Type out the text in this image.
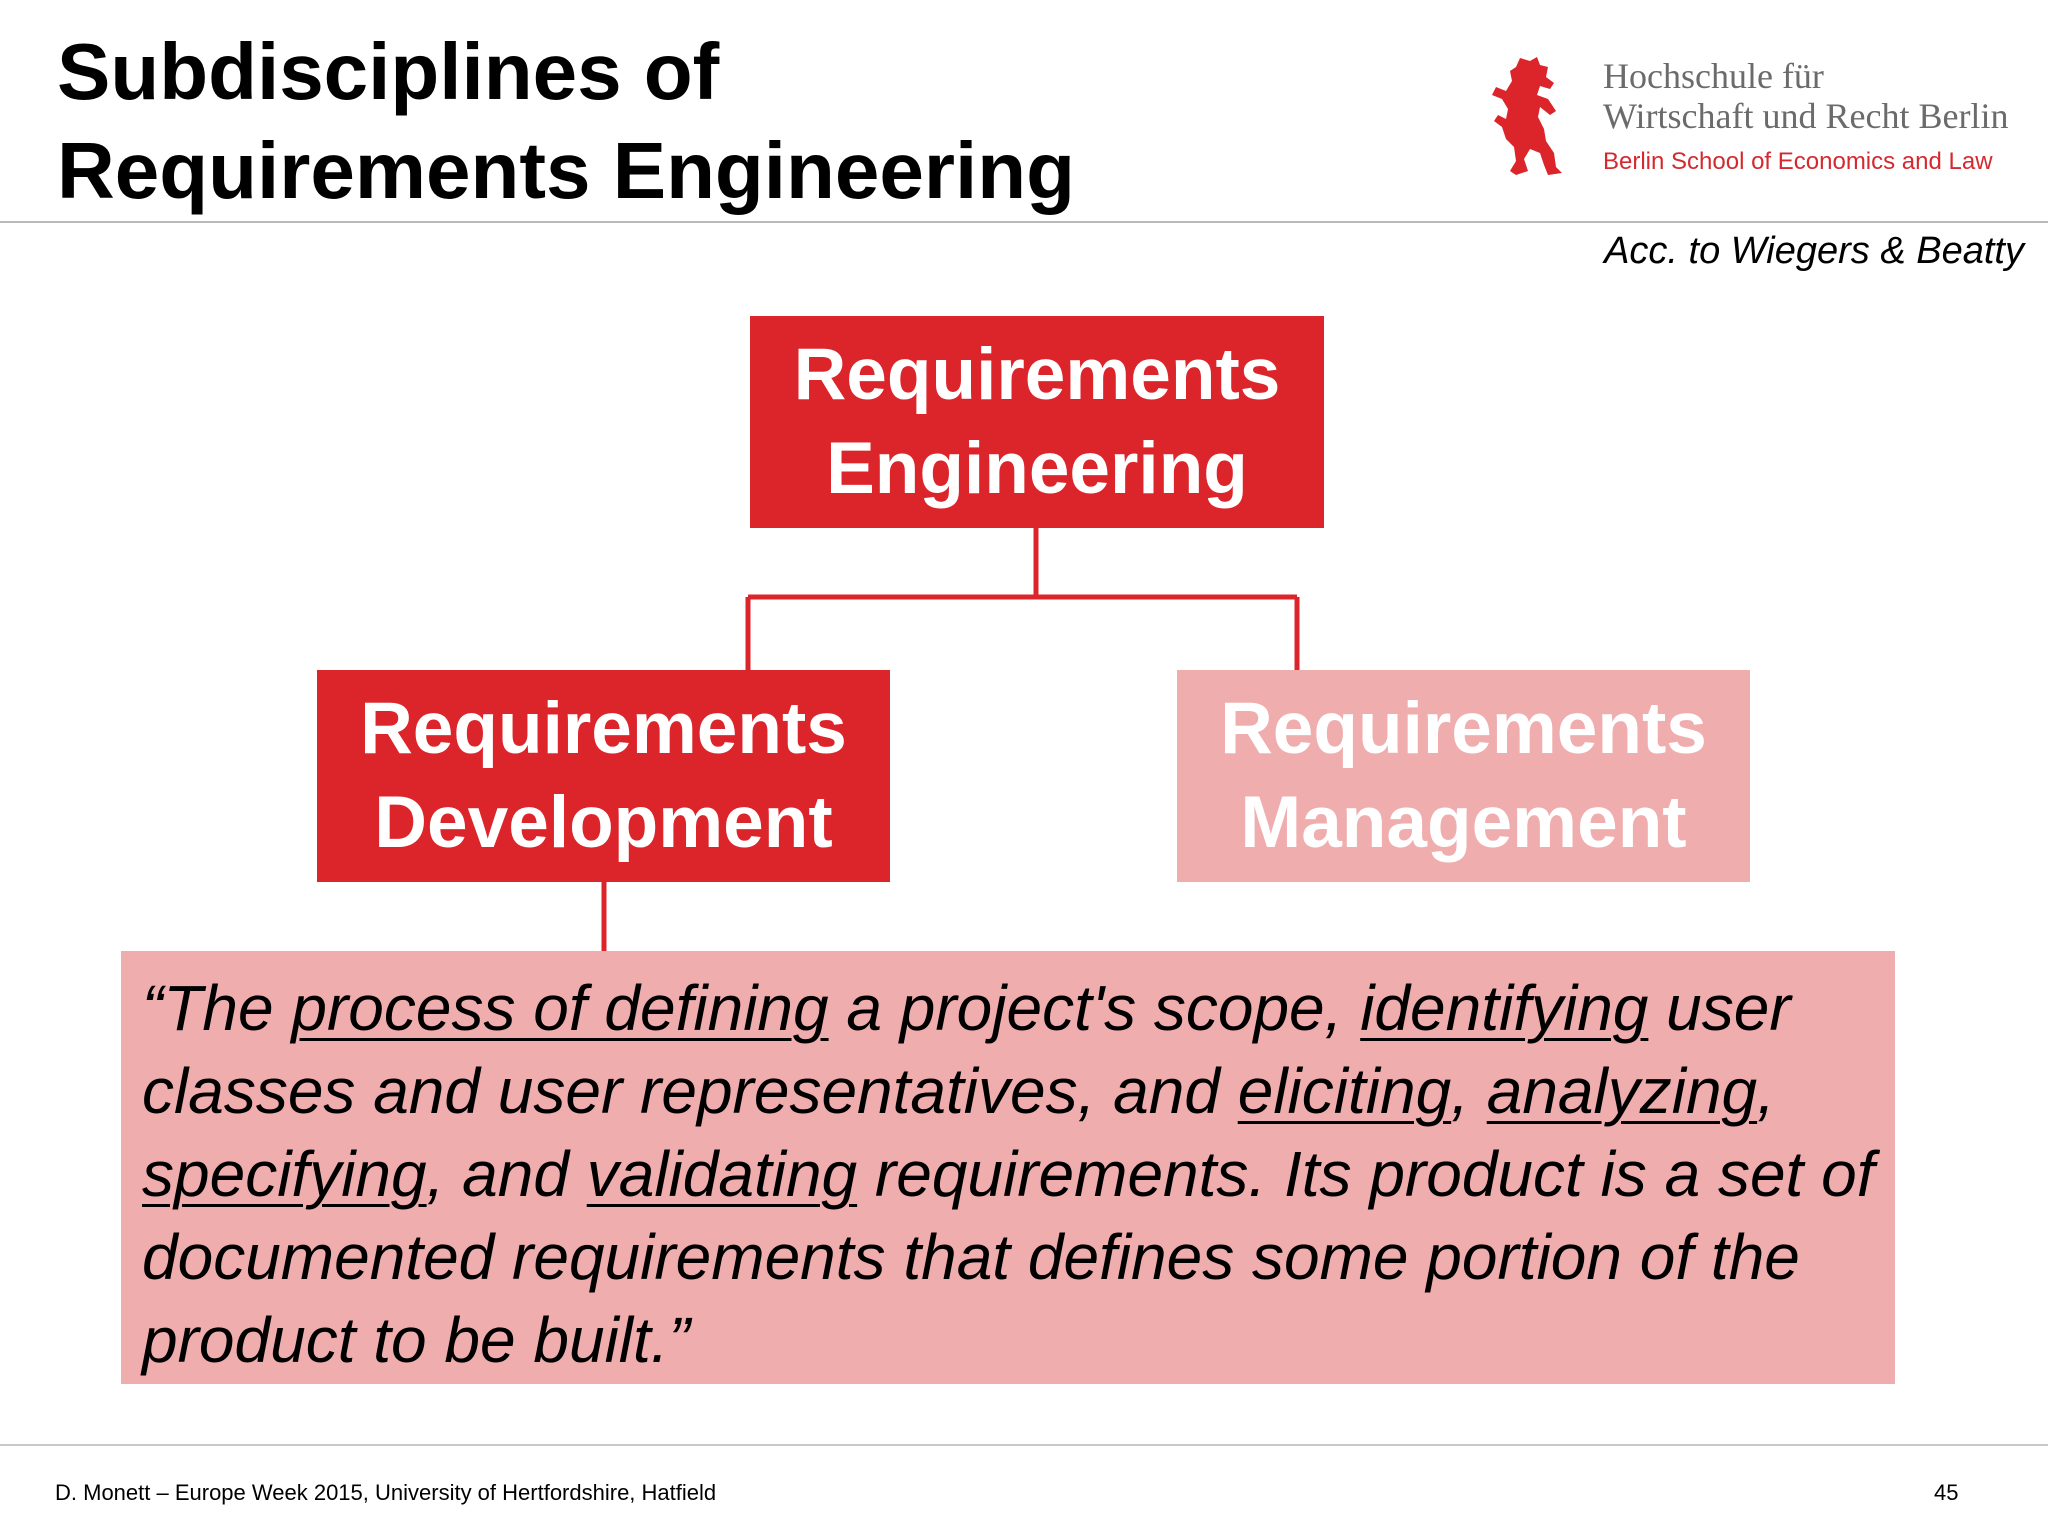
Subdisciplines of
Requirements Engineering
Hochschule für
Wirtschaft und Recht Berlin
Berlin School of Economics and Law
Acc. to Wiegers & Beatty
Requirements
Engineering
Requirements
Development
Requirements
Management
“The process of defining a project's scope, identifying user classes and user representatives, and eliciting, analyzing, specifying, and validating requirements. Its product is a set of documented requirements that defines some portion of the product to be built.”
D. Monett – Europe Week 2015, University of Hertfordshire, Hatfield	45
